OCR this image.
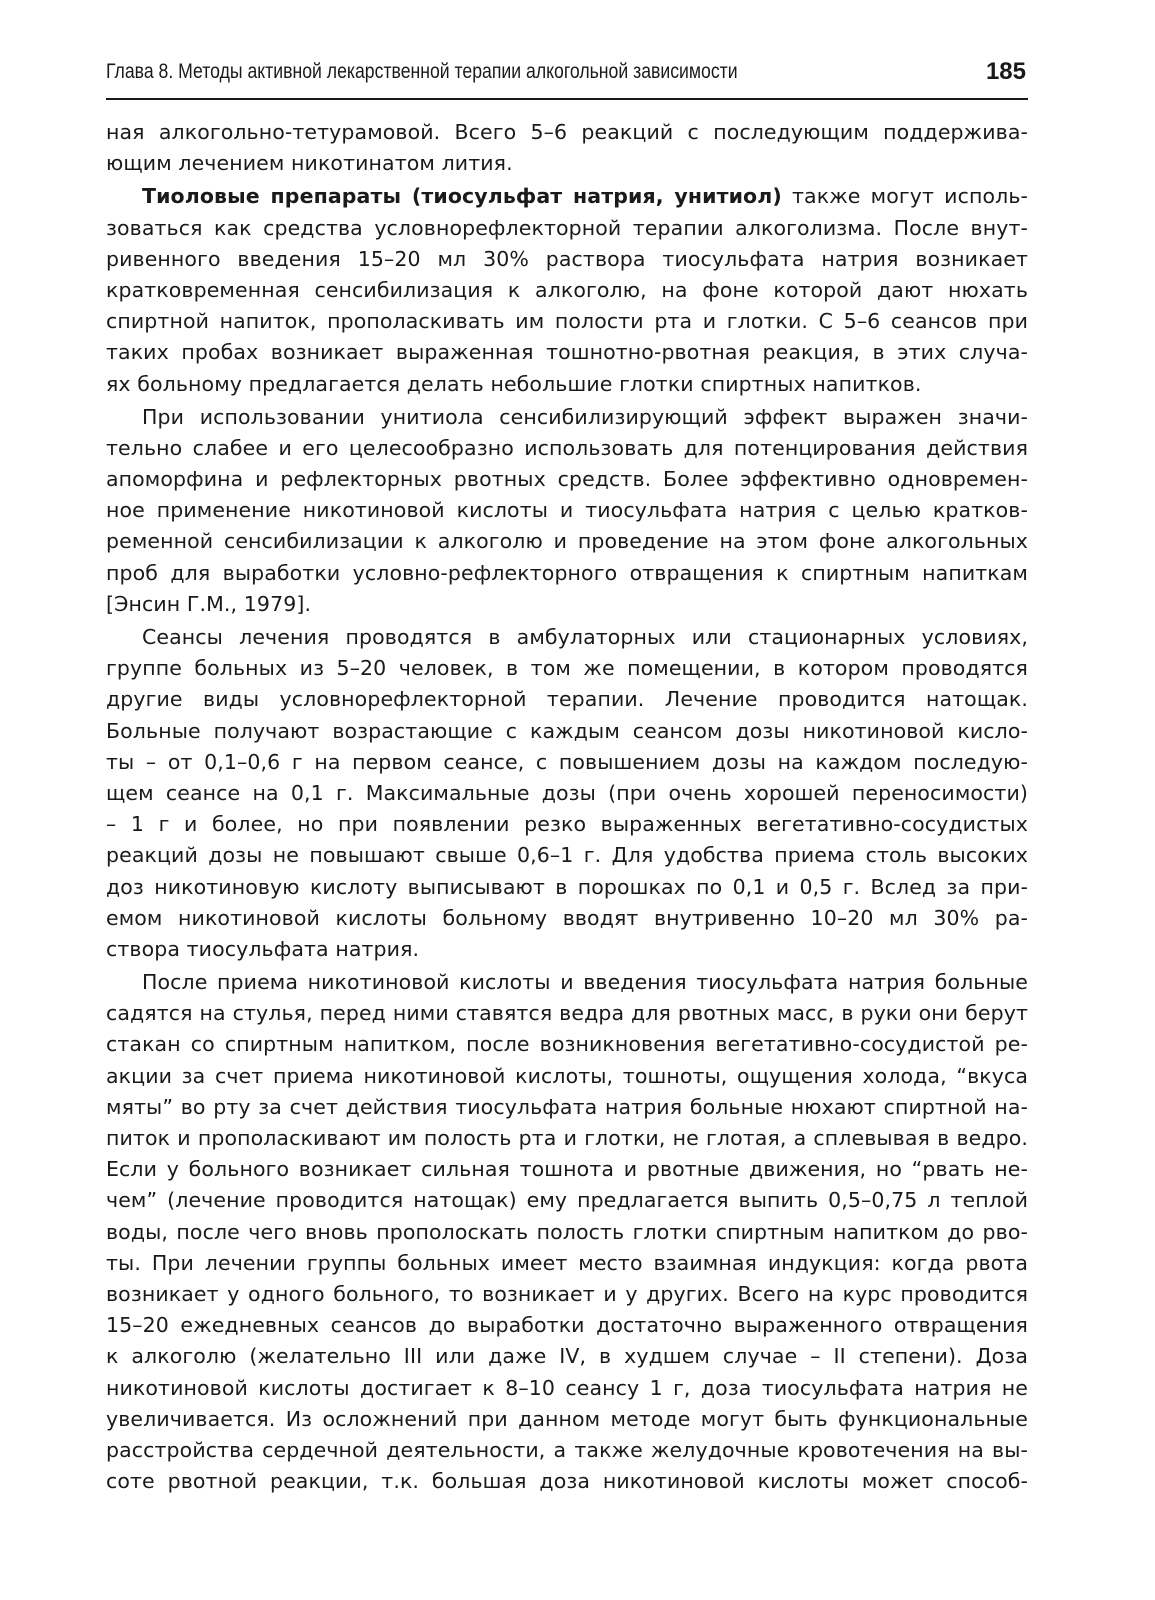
Глава 8. Методы активной лекарственной терапии алкогольной зависимости	185
ная алкогольно-тетурамовой. Всего 5–6 реакций с последующим поддержива-
ющим лечением никотинатом лития.
Тиоловые препараты (тиосульфат натрия, унитиол) также могут исполь-
зоваться как средства условнорефлекторной терапии алкоголизма. После внут-
ривенного введения 15–20 мл 30% раствора тиосульфата натрия возникает
кратковременная сенсибилизация к алкоголю, на фоне которой дают нюхать
спиртной напиток, прополаскивать им полости рта и глотки. С 5–6 сеансов при
таких пробах возникает выраженная тошнотно-рвотная реакция, в этих случа-
ях больному предлагается делать небольшие глотки спиртных напитков.
При использовании унитиола сенсибилизирующий эффект выражен значи-
тельно слабее и его целесообразно использовать для потенцирования действия
апоморфина и рефлекторных рвотных средств. Более эффективно одновремен-
ное применение никотиновой кислоты и тиосульфата натрия с целью кратков-
ременной сенсибилизации к алкоголю и проведение на этом фоне алкогольных
проб для выработки условно-рефлекторного отвращения к спиртным напиткам
[Энсин Г.М., 1979].
Сеансы лечения проводятся в амбулаторных или стационарных условиях,
группе больных из 5–20 человек, в том же помещении, в котором проводятся
другие виды условнорефлекторной терапии. Лечение проводится натощак.
Больные получают возрастающие с каждым сеансом дозы никотиновой кисло-
ты – от 0,1–0,6 г на первом сеансе, с повышением дозы на каждом последую-
щем сеансе на 0,1 г. Максимальные дозы (при очень хорошей переносимости)
– 1 г и более, но при появлении резко выраженных вегетативно-сосудистых
реакций дозы не повышают свыше 0,6–1 г. Для удобства приема столь высоких
доз никотиновую кислоту выписывают в порошках по 0,1 и 0,5 г. Вслед за при-
емом никотиновой кислоты больному вводят внутривенно 10–20 мл 30% ра-
створа тиосульфата натрия.
После приема никотиновой кислоты и введения тиосульфата натрия больные
садятся на стулья, перед ними ставятся ведра для рвотных масс, в руки они берут
стакан со спиртным напитком, после возникновения вегетативно-сосудистой ре-
акции за счет приема никотиновой кислоты, тошноты, ощущения холода, “вкуса
мяты” во рту за счет действия тиосульфата натрия больные нюхают спиртной на-
питок и прополаскивают им полость рта и глотки, не глотая, а сплевывая в ведро.
Если у больного возникает сильная тошнота и рвотные движения, но “рвать не-
чем” (лечение проводится натощак) ему предлагается выпить 0,5–0,75 л теплой
воды, после чего вновь прополоскать полость глотки спиртным напитком до рво-
ты. При лечении группы больных имеет место взаимная индукция: когда рвота
возникает у одного больного, то возникает и у других. Всего на курс проводится
15–20 ежедневных сеансов до выработки достаточно выраженного отвращения
к алкоголю (желательно III или даже IV, в худшем случае – II степени). Доза
никотиновой кислоты достигает к 8–10 сеансу 1 г, доза тиосульфата натрия не
увеличивается. Из осложнений при данном методе могут быть функциональные
расстройства сердечной деятельности, а также желудочные кровотечения на вы-
соте рвотной реакции, т.к. большая доза никотиновой кислоты может способ-
